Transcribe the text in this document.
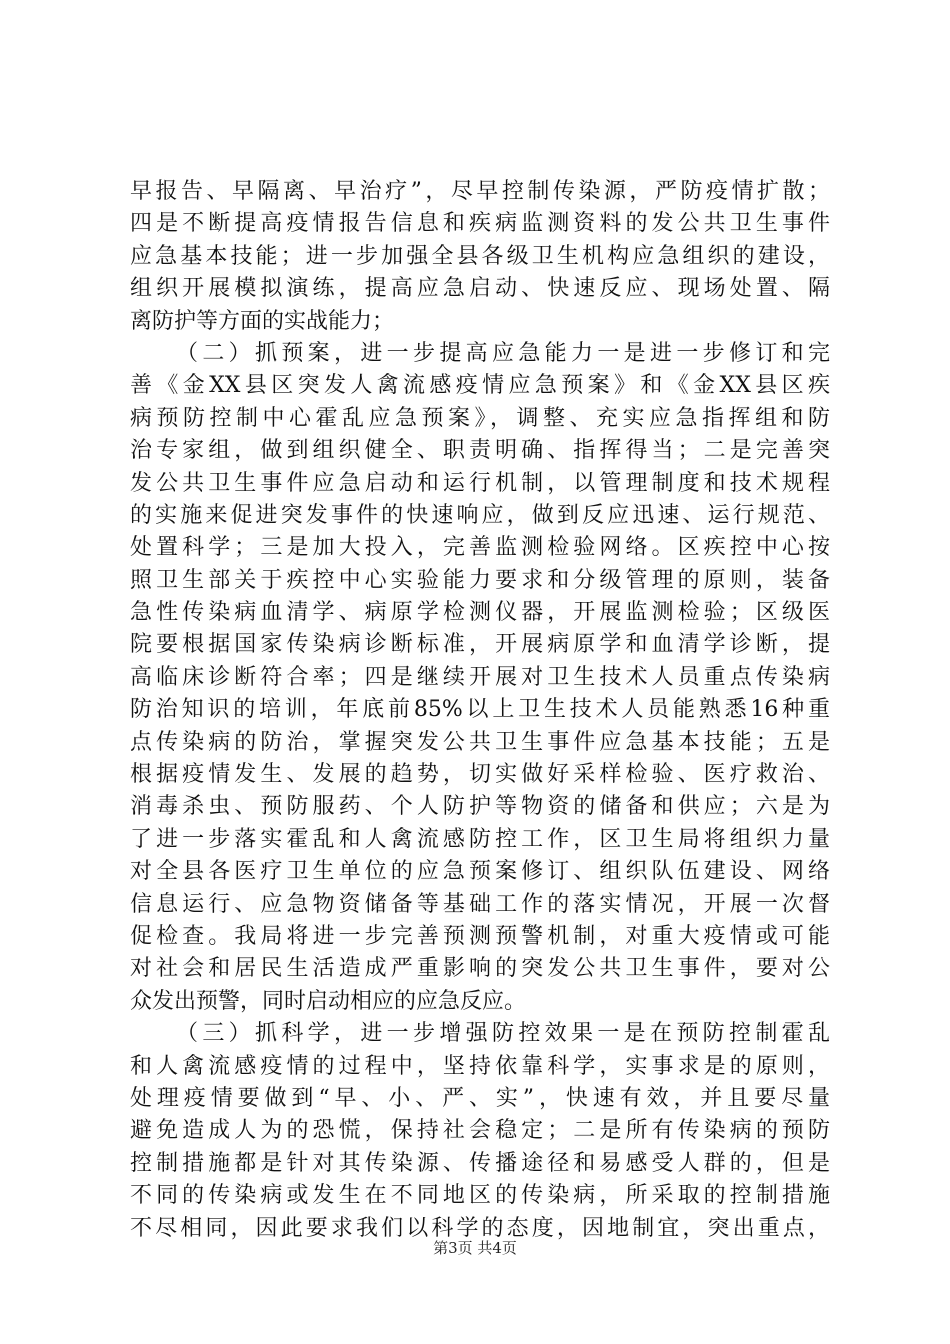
早报告、早隔离、早治疗”，尽早控制传染源，严防疫情扩散；
四是不断提高疫情报告信息和疾病监测资料的发公共卫生事件
应急基本技能；进一步加强全县各级卫生机构应急组织的建设，
组织开展模拟演练，提高应急启动、快速反应、现场处置、隔
离防护等方面的实战能力；
（二）抓预案，进一步提高应急能力一是进一步修订和完
善《金XX县区突发人禽流感疫情应急预案》和《金XX县区疾
病预防控制中心霍乱应急预案》，调整、充实应急指挥组和防
治专家组，做到组织健全、职责明确、指挥得当；二是完善突
发公共卫生事件应急启动和运行机制，以管理制度和技术规程
的实施来促进突发事件的快速响应，做到反应迅速、运行规范、
处置科学；三是加大投入，完善监测检验网络。区疾控中心按
照卫生部关于疾控中心实验能力要求和分级管理的原则，装备
急性传染病血清学、病原学检测仪器，开展监测检验；区级医
院要根据国家传染病诊断标准，开展病原学和血清学诊断，提
高临床诊断符合率；四是继续开展对卫生技术人员重点传染病
防治知识的培训，年底前85%以上卫生技术人员能熟悉16种重
点传染病的防治，掌握突发公共卫生事件应急基本技能；五是
根据疫情发生、发展的趋势，切实做好采样检验、医疗救治、
消毒杀虫、预防服药、个人防护等物资的储备和供应；六是为
了进一步落实霍乱和人禽流感防控工作，区卫生局将组织力量
对全县各医疗卫生单位的应急预案修订、组织队伍建设、网络
信息运行、应急物资储备等基础工作的落实情况，开展一次督
促检查。我局将进一步完善预测预警机制，对重大疫情或可能
对社会和居民生活造成严重影响的突发公共卫生事件，要对公
众发出预警，同时启动相应的应急反应。
（三）抓科学，进一步增强防控效果一是在预防控制霍乱
和人禽流感疫情的过程中，坚持依靠科学，实事求是的原则，
处理疫情要做到“早、小、严、实”，快速有效，并且要尽量
避免造成人为的恐慌，保持社会稳定；二是所有传染病的预防
控制措施都是针对其传染源、传播途径和易感受人群的，但是
不同的传染病或发生在不同地区的传染病，所采取的控制措施
不尽相同，因此要求我们以科学的态度，因地制宜，突出重点，
第3页 共4页
